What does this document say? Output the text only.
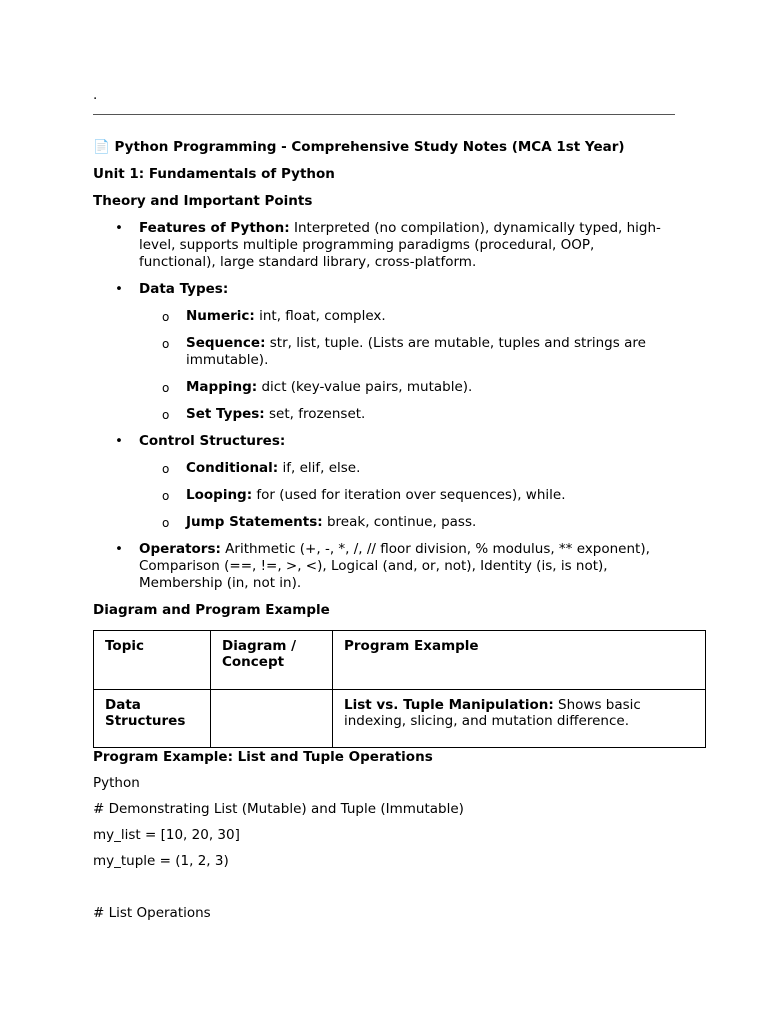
.

📄 Python Programming - Comprehensive Study Notes (MCA 1st Year)

Unit 1: Fundamentals of Python

Theory and Important Points

• Features of Python: Interpreted (no compilation), dynamically typed, high-level, supports multiple programming paradigms (procedural, OOP, functional), large standard library, cross-platform.
• Data Types:
o Numeric: int, float, complex.
o Sequence: str, list, tuple. (Lists are mutable, tuples and strings are immutable).
o Mapping: dict (key-value pairs, mutable).
o Set Types: set, frozenset.
• Control Structures:
o Conditional: if, elif, else.
o Looping: for (used for iteration over sequences), while.
o Jump Statements: break, continue, pass.
• Operators: Arithmetic (+, -, *, /, // floor division, % modulus, ** exponent), Comparison (==, !=, >, <), Logical (and, or, not), Identity (is, is not), Membership (in, not in).

Diagram and Program Example

Topic	Diagram / Concept	Program Example
Data Structures		List vs. Tuple Manipulation: Shows basic indexing, slicing, and mutation difference.

Program Example: List and Tuple Operations

Python

# Demonstrating List (Mutable) and Tuple (Immutable)

my_list = [10, 20, 30]

my_tuple = (1, 2, 3)

# List Operations
